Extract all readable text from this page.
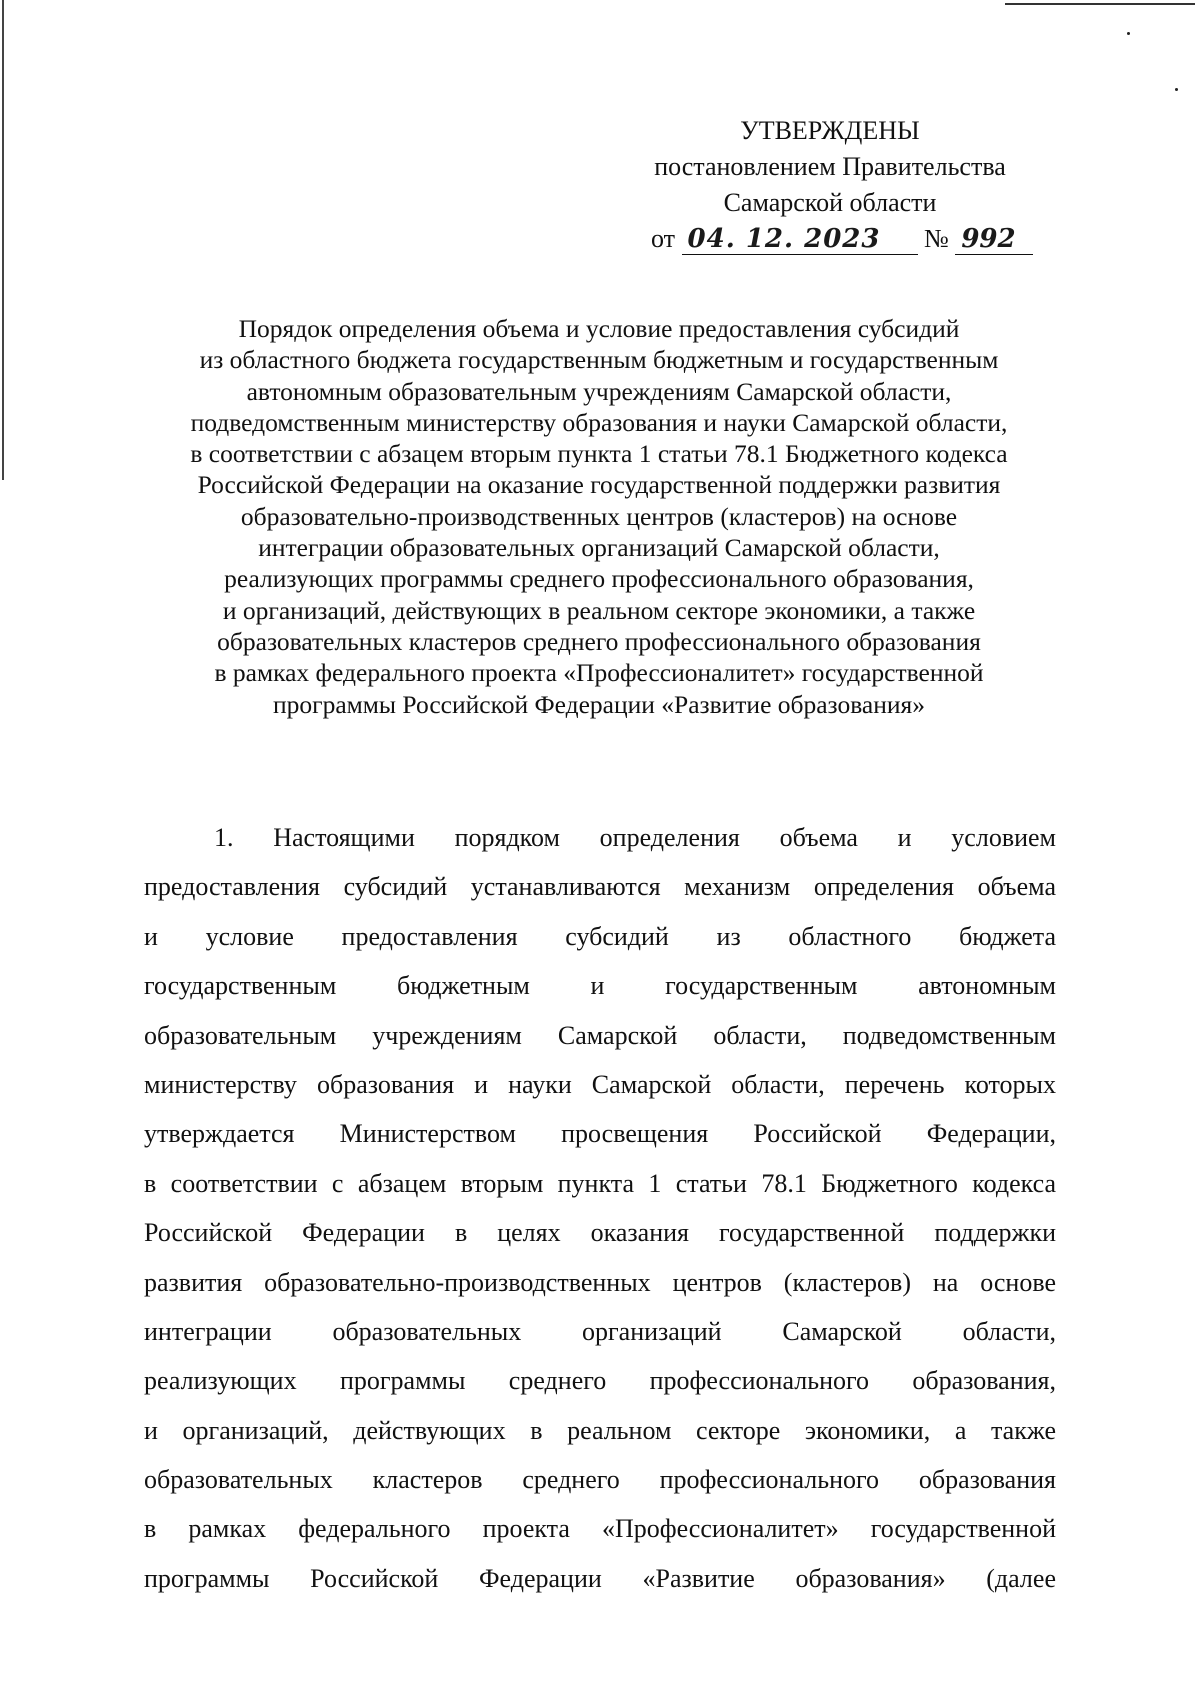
УТВЕРЖДЕНЫ
постановлением Правительства
Самарской области
от 04. 12. 2023 № 992
Порядок определения объема и условие предоставления субсидий
из областного бюджета государственным бюджетным и государственным
автономным образовательным учреждениям Самарской области,
подведомственным министерству образования и науки Самарской области,
в соответствии с абзацем вторым пункта 1 статьи 78.1 Бюджетного кодекса
Российской Федерации на оказание государственной поддержки развития
образовательно-производственных центров (кластеров) на основе
интеграции образовательных организаций Самарской области,
реализующих программы среднего профессионального образования,
и организаций, действующих в реальном секторе экономики, а также
образовательных кластеров среднего профессионального образования
в рамках федерального проекта «Профессионалитет» государственной
программы Российской Федерации «Развитие образования»
1. Настоящими порядком определения объема и условием
предоставления субсидий устанавливаются механизм определения объема
и условие предоставления субсидий из областного бюджета
государственным бюджетным и государственным автономным
образовательным учреждениям Самарской области, подведомственным
министерству образования и науки Самарской области, перечень которых
утверждается Министерством просвещения Российской Федерации,
в соответствии с абзацем вторым пункта 1 статьи 78.1 Бюджетного кодекса
Российской Федерации в целях оказания государственной поддержки
развития образовательно-производственных центров (кластеров) на основе
интеграции образовательных организаций Самарской области,
реализующих программы среднего профессионального образования,
и организаций, действующих в реальном секторе экономики, а также
образовательных кластеров среднего профессионального образования
в рамках федерального проекта «Профессионалитет» государственной
программы Российской Федерации «Развитие образования» (далее
